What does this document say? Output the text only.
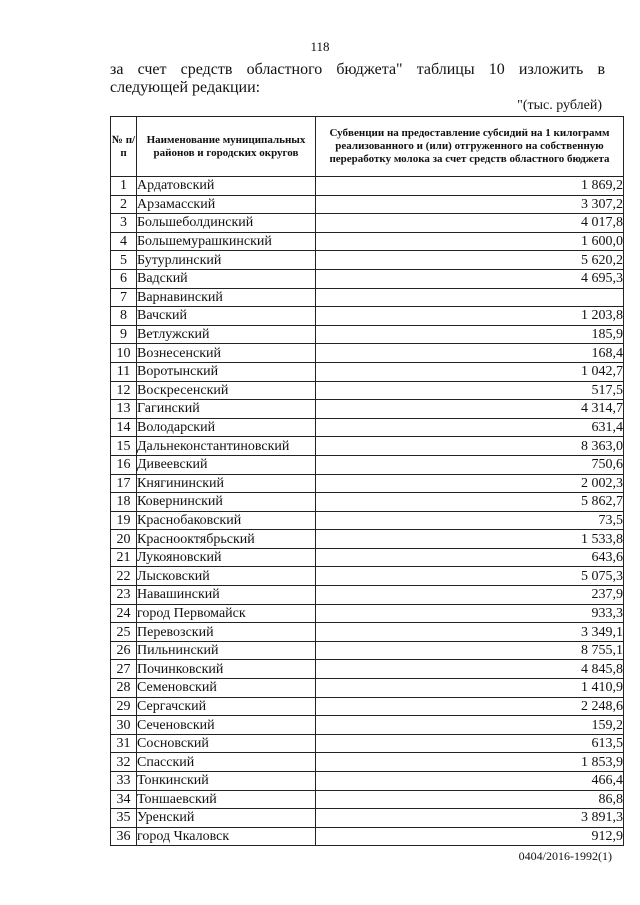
118
за счет средств областного бюджета" таблицы 10 изложить в следующей редакции:
"(тыс. рублей)
№ п/п	Наименование муниципальных районов и городских округов	Субвенции на предоставление субсидий на 1 килограмм реализованного и (или) отгруженного на собственную переработку молока за счет средств областного бюджета
1	Ардатовский	1 869,2
2	Арзамасский	3 307,2
3	Большеболдинский	4 017,8
4	Большемурашкинский	1 600,0
5	Бутурлинский	5 620,2
6	Вадский	4 695,3
7	Варнавинский	
8	Вачский	1 203,8
9	Ветлужский	185,9
10	Вознесенский	168,4
11	Воротынский	1 042,7
12	Воскресенский	517,5
13	Гагинский	4 314,7
14	Володарский	631,4
15	Дальнеконстантиновский	8 363,0
16	Дивеевский	750,6
17	Княгининский	2 002,3
18	Ковернинский	5 862,7
19	Краснобаковский	73,5
20	Краснооктябрьский	1 533,8
21	Лукояновский	643,6
22	Лысковский	5 075,3
23	Навашинский	237,9
24	город Первомайск	933,3
25	Перевозский	3 349,1
26	Пильнинский	8 755,1
27	Починковский	4 845,8
28	Семеновский	1 410,9
29	Сергачский	2 248,6
30	Сеченовский	159,2
31	Сосновский	613,5
32	Спасский	1 853,9
33	Тонкинский	466,4
34	Тоншаевский	86,8
35	Уренский	3 891,3
36	город Чкаловск	912,9
0404/2016-1992(1)
